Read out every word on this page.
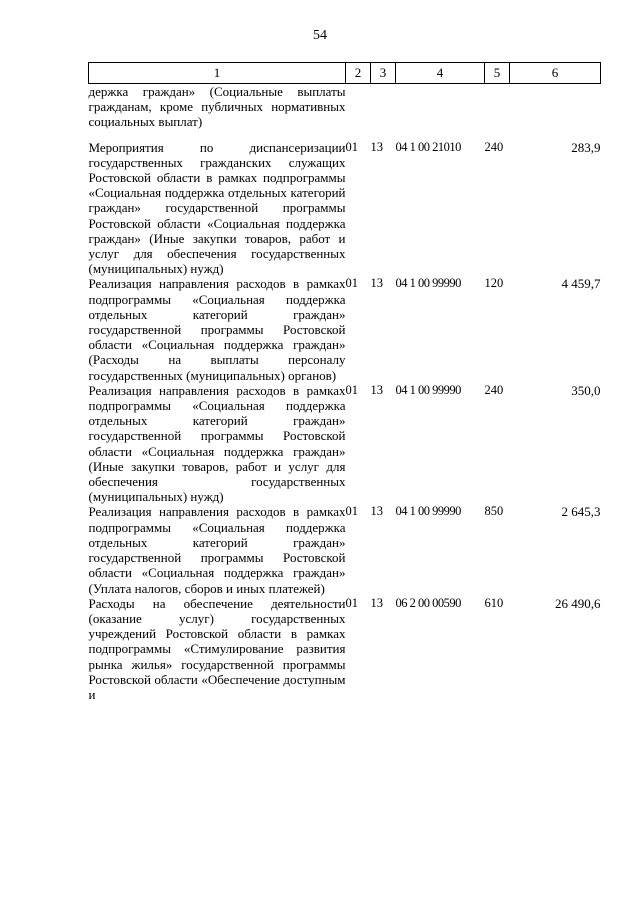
54
1	2	3	4	5	6
держка граждан» (Социальные выплаты гражданам, кроме публичных нормативных социальных выплат)					
Мероприятия по диспансеризации государственных гражданских служащих Ростовской области в рамках подпрограммы «Социальная поддержка отдельных категорий граждан» государственной программы Ростовской области «Социальная поддержка граждан» (Иные закупки товаров, работ и услуг для обеспечения государственных (муниципальных) нужд)	01	13	04 1 00 21010	240	283,9
Реализация направления расходов в рамках подпрограммы «Социальная поддержка отдельных категорий граждан» государственной программы Ростовской области «Социальная поддержка граждан» (Расходы на выплаты персоналу государственных (муниципальных) органов)	01	13	04 1 00 99990	120	4 459,7
Реализация направления расходов в рамках подпрограммы «Социальная поддержка отдельных категорий граждан» государственной программы Ростовской области «Социальная поддержка граждан» (Иные закупки товаров, работ и услуг для обеспечения государственных (муниципальных) нужд)	01	13	04 1 00 99990	240	350,0
Реализация направления расходов в рамках подпрограммы «Социальная поддержка отдельных категорий граждан» государственной программы Ростовской области «Социальная поддержка граждан» (Уплата налогов, сборов и иных платежей)	01	13	04 1 00 99990	850	2 645,3
Расходы на обеспечение деятельности (оказание услуг) государственных учреждений Ростовской области в рамках подпрограммы «Стимулирование развития рынка жилья» государственной программы Ростовской области «Обеспечение доступным и	01	13	06 2 00 00590	610	26 490,6
